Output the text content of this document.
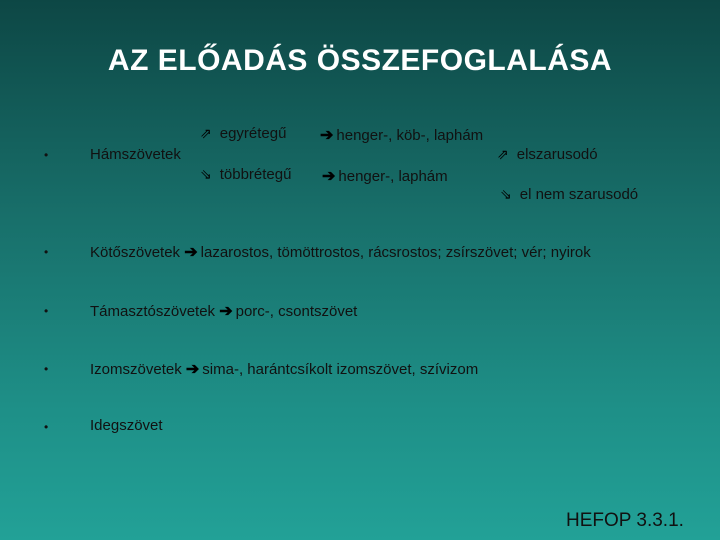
AZ ELŐADÁS ÖSSZEFOGLALÁSA
•	Hámszövetek
⇗ egyrétegű ➔ henger-, köb-, laphám
⇘ többrétegű ➔ henger-, laphám
⇗ elszarusodó
⇘ el nem szarusodó
•	Kötőszövetek ➔ lazarostos, tömöttrostos, rácsrostos; zsírszövet; vér; nyirok
•	Támasztószövetek ➔ porc-, csontszövet
•	Izomszövetek ➔ sima-, harántcsíkolt izomszövet, szívizom
•	Idegszövet
HEFOP 3.3.1.
